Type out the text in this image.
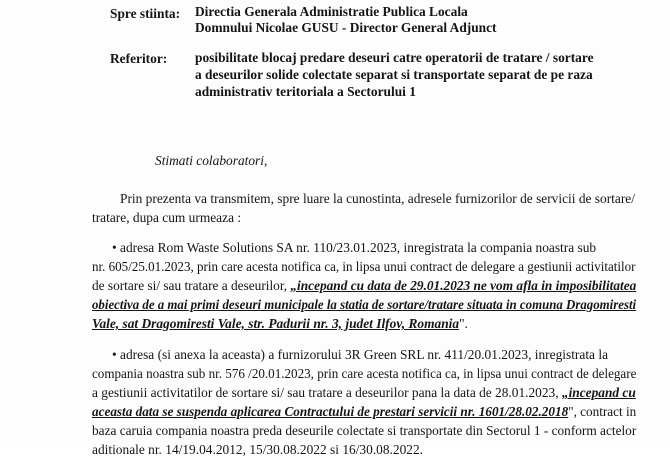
Spre stiinta:	Directia Generala Administratie Publica Locala
Domnului Nicolae GUSU - Director General Adjunct
Referitor:	posibilitate blocaj predare deseuri catre operatorii de tratare / sortare
a deseurilor solide colectate separat si transportate separat de pe raza
administrativ teritoriala a Sectorului 1
Stimati colaboratori,
Prin prezenta va transmitem, spre luare la cunostinta, adresele furnizorilor de servicii de sortare/
tratare, dupa cum urmeaza :
• adresa Rom Waste Solutions SA nr. 110/23.01.2023, inregistrata la compania noastra sub
nr. 605/25.01.2023, prin care acesta notifica ca, in lipsa unui contract de delegare a gestiunii activitatilor
de sortare si/ sau tratare a deseurilor, „incepand cu data de 29.01.2023 ne vom afla in imposibilitatea
obiectiva de a mai primi deseuri municipale la statia de sortare/tratare situata in comuna Dragomiresti
Vale, sat Dragomiresti Vale, str. Padurii nr. 3, judet Ilfov, Romania".
• adresa (si anexa la aceasta) a furnizorului 3R Green SRL nr. 411/20.01.2023, inregistrata la
compania noastra sub nr. 576 /20.01.2023, prin care acesta notifica ca, in lipsa unui contract de delegare
a gestiunii activitatilor de sortare si/ sau tratare a deseurilor pana la data de 28.01.2023, „incepand cu
aceasta data se suspenda aplicarea Contractului de prestari servicii nr. 1601/28.02.2018", contract in
baza caruia compania noastra preda deseurile colectate si transportate din Sectorul 1 - conform actelor
aditionale nr. 14/19.04.2012, 15/30.08.2022 si 16/30.08.2022.
